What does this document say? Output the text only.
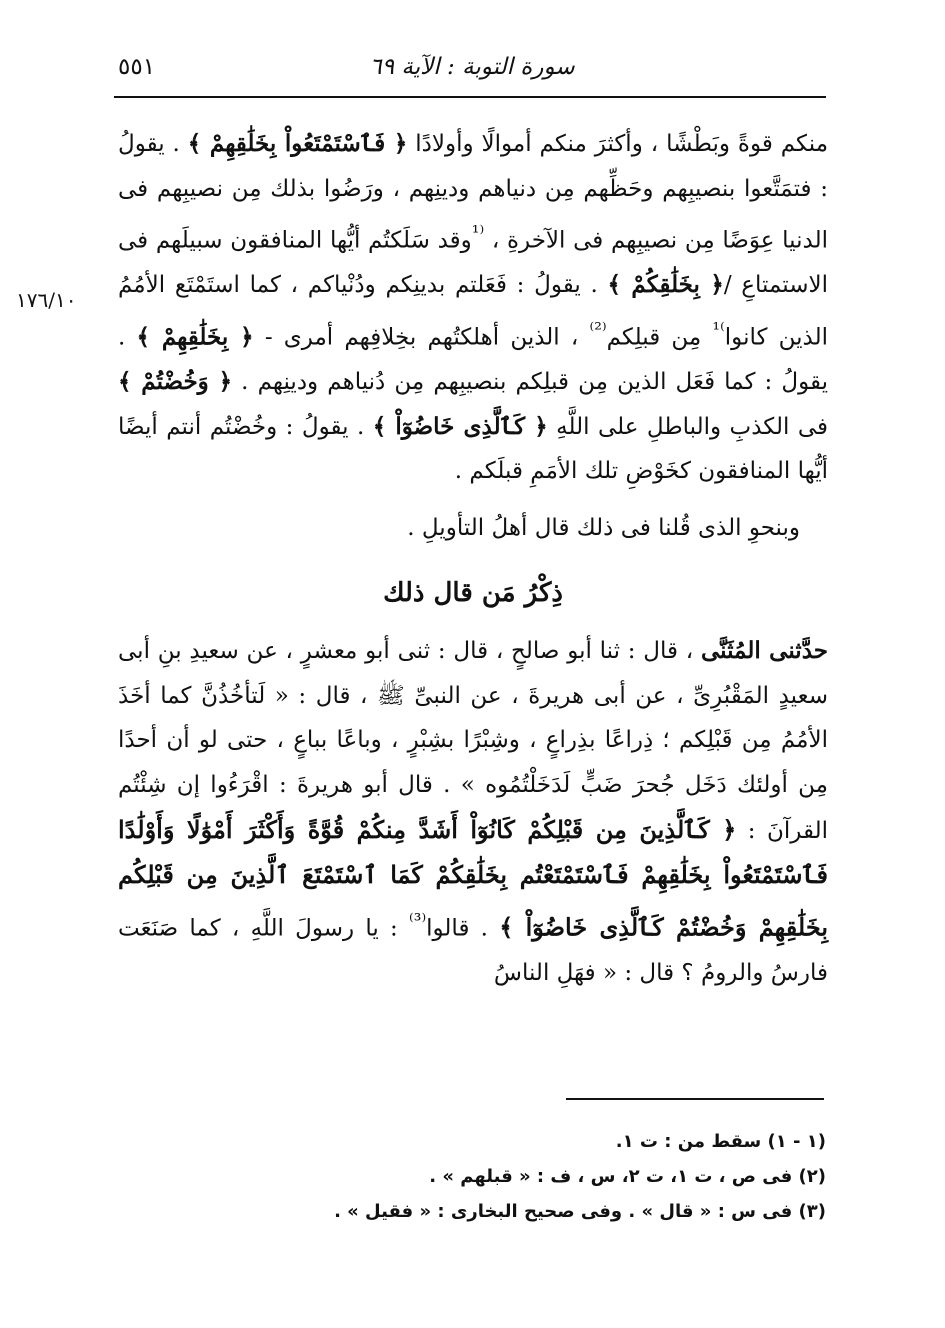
سورة التوبة : الآية ٦٩
٥٥١
١٧٦/١٠

منكم قوةً وبَطْشًا ، وأكثرَ منكم أموالًا وأولادًا ﴿ فَٱسْتَمْتَعُواْ بِخَلَٰقِهِمْ ﴾ . يقولُ : فتمَتَّعوا بنصيبِهم وحَظِّهم مِن دنياهم ودينِهم ، ورَضُوا بذلك مِن نصيبِهم فى الدنيا عِوَضًا مِن نصيبِهم فى الآخرةِ ، $^{^{(1}}$وقد سَلَكتُم أيُّها المنافقون سبيلَهم فى الاستمتاعِ /﴿ بِخَلَٰقِكُمْ ﴾ . يقولُ : فَعَلتم بدينِكم ودُنْياكم ، كما استَمْتَع الأمُمُ الذين كانوا$^{^{)1}}$ مِن قبلِكم$^{^{(2)}}$ ، الذين أهلكتُهم بخِلافِهم أمرى - ﴿ بِخَلَٰقِهِمْ ﴾ . يقولُ : كما فَعَل الذين مِن قبلِكم بنصيبِهم مِن دُنياهم ودينِهم . ﴿ وَخُضْتُمْ ﴾ فى الكذبِ والباطلِ على اللَّهِ ﴿ كَٱلَّذِى خَاضُوٓاْ ﴾ . يقولُ : وخُضْتُم أنتم أيضًا أيُّها المنافقون كخَوْضِ تلك الأمَمِ قبلَكم .

وبنحوِ الذى قُلنا فى ذلك قال أهلُ التأويلِ .

ذِكْرُ مَن قال ذلك

حدَّثنى المُثَنَّى ، قال : ثنا أبو صالحٍ ، قال : ثنى أبو معشرٍ ، عن سعيدِ بنِ أبى سعيدٍ المَقْبُرِىِّ ، عن أبى هريرةَ ، عن النبىِّ ﷺ ، قال : « لَتأخُذُنَّ كما أخَذَ الأمُمُ مِن قَبْلِكم ؛ ذِراعًا بذِراعٍ ، وشِبْرًا بشِبْرٍ ، وباعًا بباعٍ ، حتى لو أن أحدًا مِن أولئك دَخَل جُحرَ ضَبٍّ لَدَخَلْتُمُوه » . قال أبو هريرةَ : اقْرَءُوا إن شِئْتُم القرآنَ : ﴿ كَٱلَّذِينَ مِن قَبْلِكُمْ كَانُوٓاْ أَشَدَّ مِنكُمْ قُوَّةً وَأَكْثَرَ أَمْوَٰلًا وَأَوْلَٰدًا فَٱسْتَمْتَعُواْ بِخَلَٰقِهِمْ فَٱسْتَمْتَعْتُم بِخَلَٰقِكُمْ كَمَا ٱسْتَمْتَعَ ٱلَّذِينَ مِن قَبْلِكُم بِخَلَٰقِهِمْ وَخُضْتُمْ كَٱلَّذِى خَاضُوٓاْ ﴾ . قالوا$^{^{(3)}}$ : يا رسولَ اللَّهِ ، كما صَنَعَت فارسُ والرومُ ؟ قال : « فهَلِ الناسُ

(١ - ١) سقط من : ت ١.
(٢) فى ص ، ت ١، ت ٢، س ، ف : « قبلهم » .
(٣) فى س : « قال » . وفى صحيح البخارى : « فقيل » .
